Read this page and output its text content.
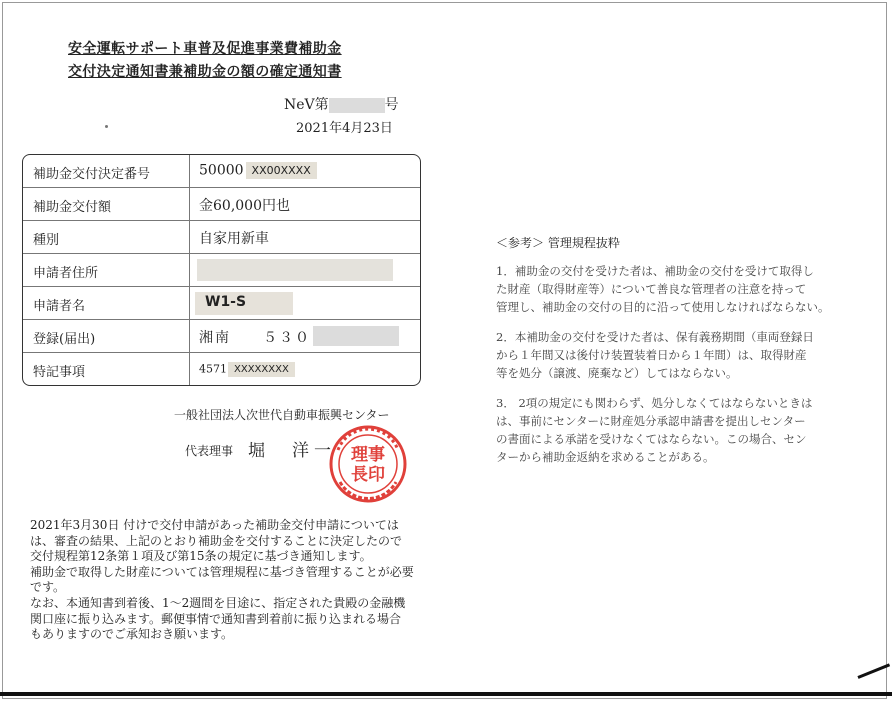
安全運転サポート車普及促進事業費補助金
交付決定通知書兼補助金の額の確定通知書
NeV第	号
2021年4月23日
補助金交付決定番号	50000 XX00XXXX
補助金交付額	金60,000円也
種別	自家用新車
申請者住所
申請者名	W1-S
登録(届出)	湘南　　５３０
特記事項	4571 XXXXXXXX
一般社団法人次世代自動車振興センター
代表理事 堀　洋一 理事
長印

2021年3月30日 付けで交付申請があった補助金交付申請については

は、審査の結果、上記のとおり補助金を交付することに決定したので

交付規程第12条第１項及び第15条の規定に基づき通知します。

補助金で取得した財産については管理規程に基づき管理することが必要

です。

なお、本通知書到着後、1～2週間を目途に、指定された貴殿の金融機

関口座に振り込みます。郵便事情で通知書到着前に振り込まれる場合

もありますのでご承知おき願います。

＜参考＞ 管理規程抜粋

1．補助金の交付を受けた者は、補助金の交付を受けて取得し

た財産（取得財産等）について善良な管理者の注意を持って

管理し、補助金の交付の目的に沿って使用しなければならない。

2．本補助金の交付を受けた者は、保有義務期間（車両登録日

から１年間又は後付け装置装着日から１年間）は、取得財産

等を処分（譲渡、廃棄など）してはならない。

3． 2項の規定にも関わらず、処分しなくてはならないときは

は、事前にセンターに財産処分承認申請書を提出しセンター

の書面による承諾を受けなくてはならない。この場合、セン

ターから補助金返納を求めることがある。
